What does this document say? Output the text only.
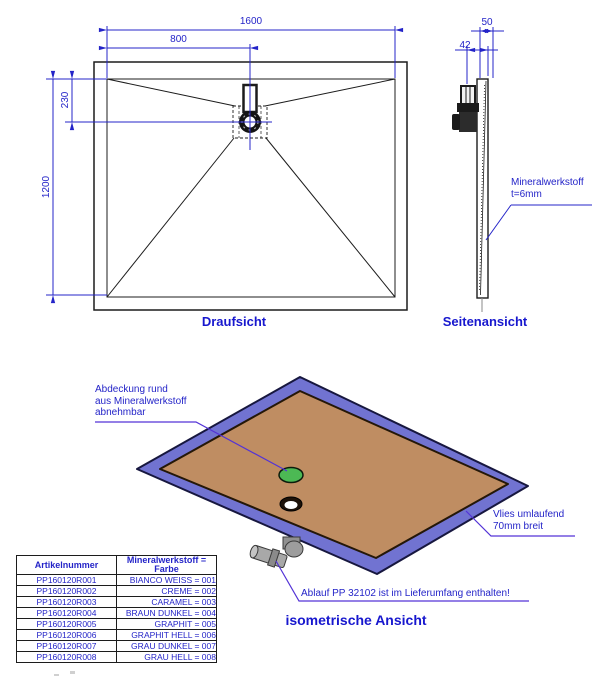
1600
800
230
1200
Draufsicht
50
42
Mineralwerkstoff
t=6mm
Seitenansicht
Abdeckung rund
aus Mineralwerkstoff
abnehmbar
Vlies umlaufend
70mm breit
Ablauf PP 32102 ist im Lieferumfang enthalten!
isometrische Ansicht
Artikelnummer	Mineralwerkstoff =
Farbe

PP160120R001	BIANCO WEISS = 001
PP160120R002	CREME = 002
PP160120R003	CARAMEL = 003
PP160120R004	BRAUN DUNKEL = 004
PP160120R005	GRAPHIT = 005
PP160120R006	GRAPHIT HELL = 006
PP160120R007	GRAU DUNKEL = 007
PP160120R008	GRAU HELL = 008
